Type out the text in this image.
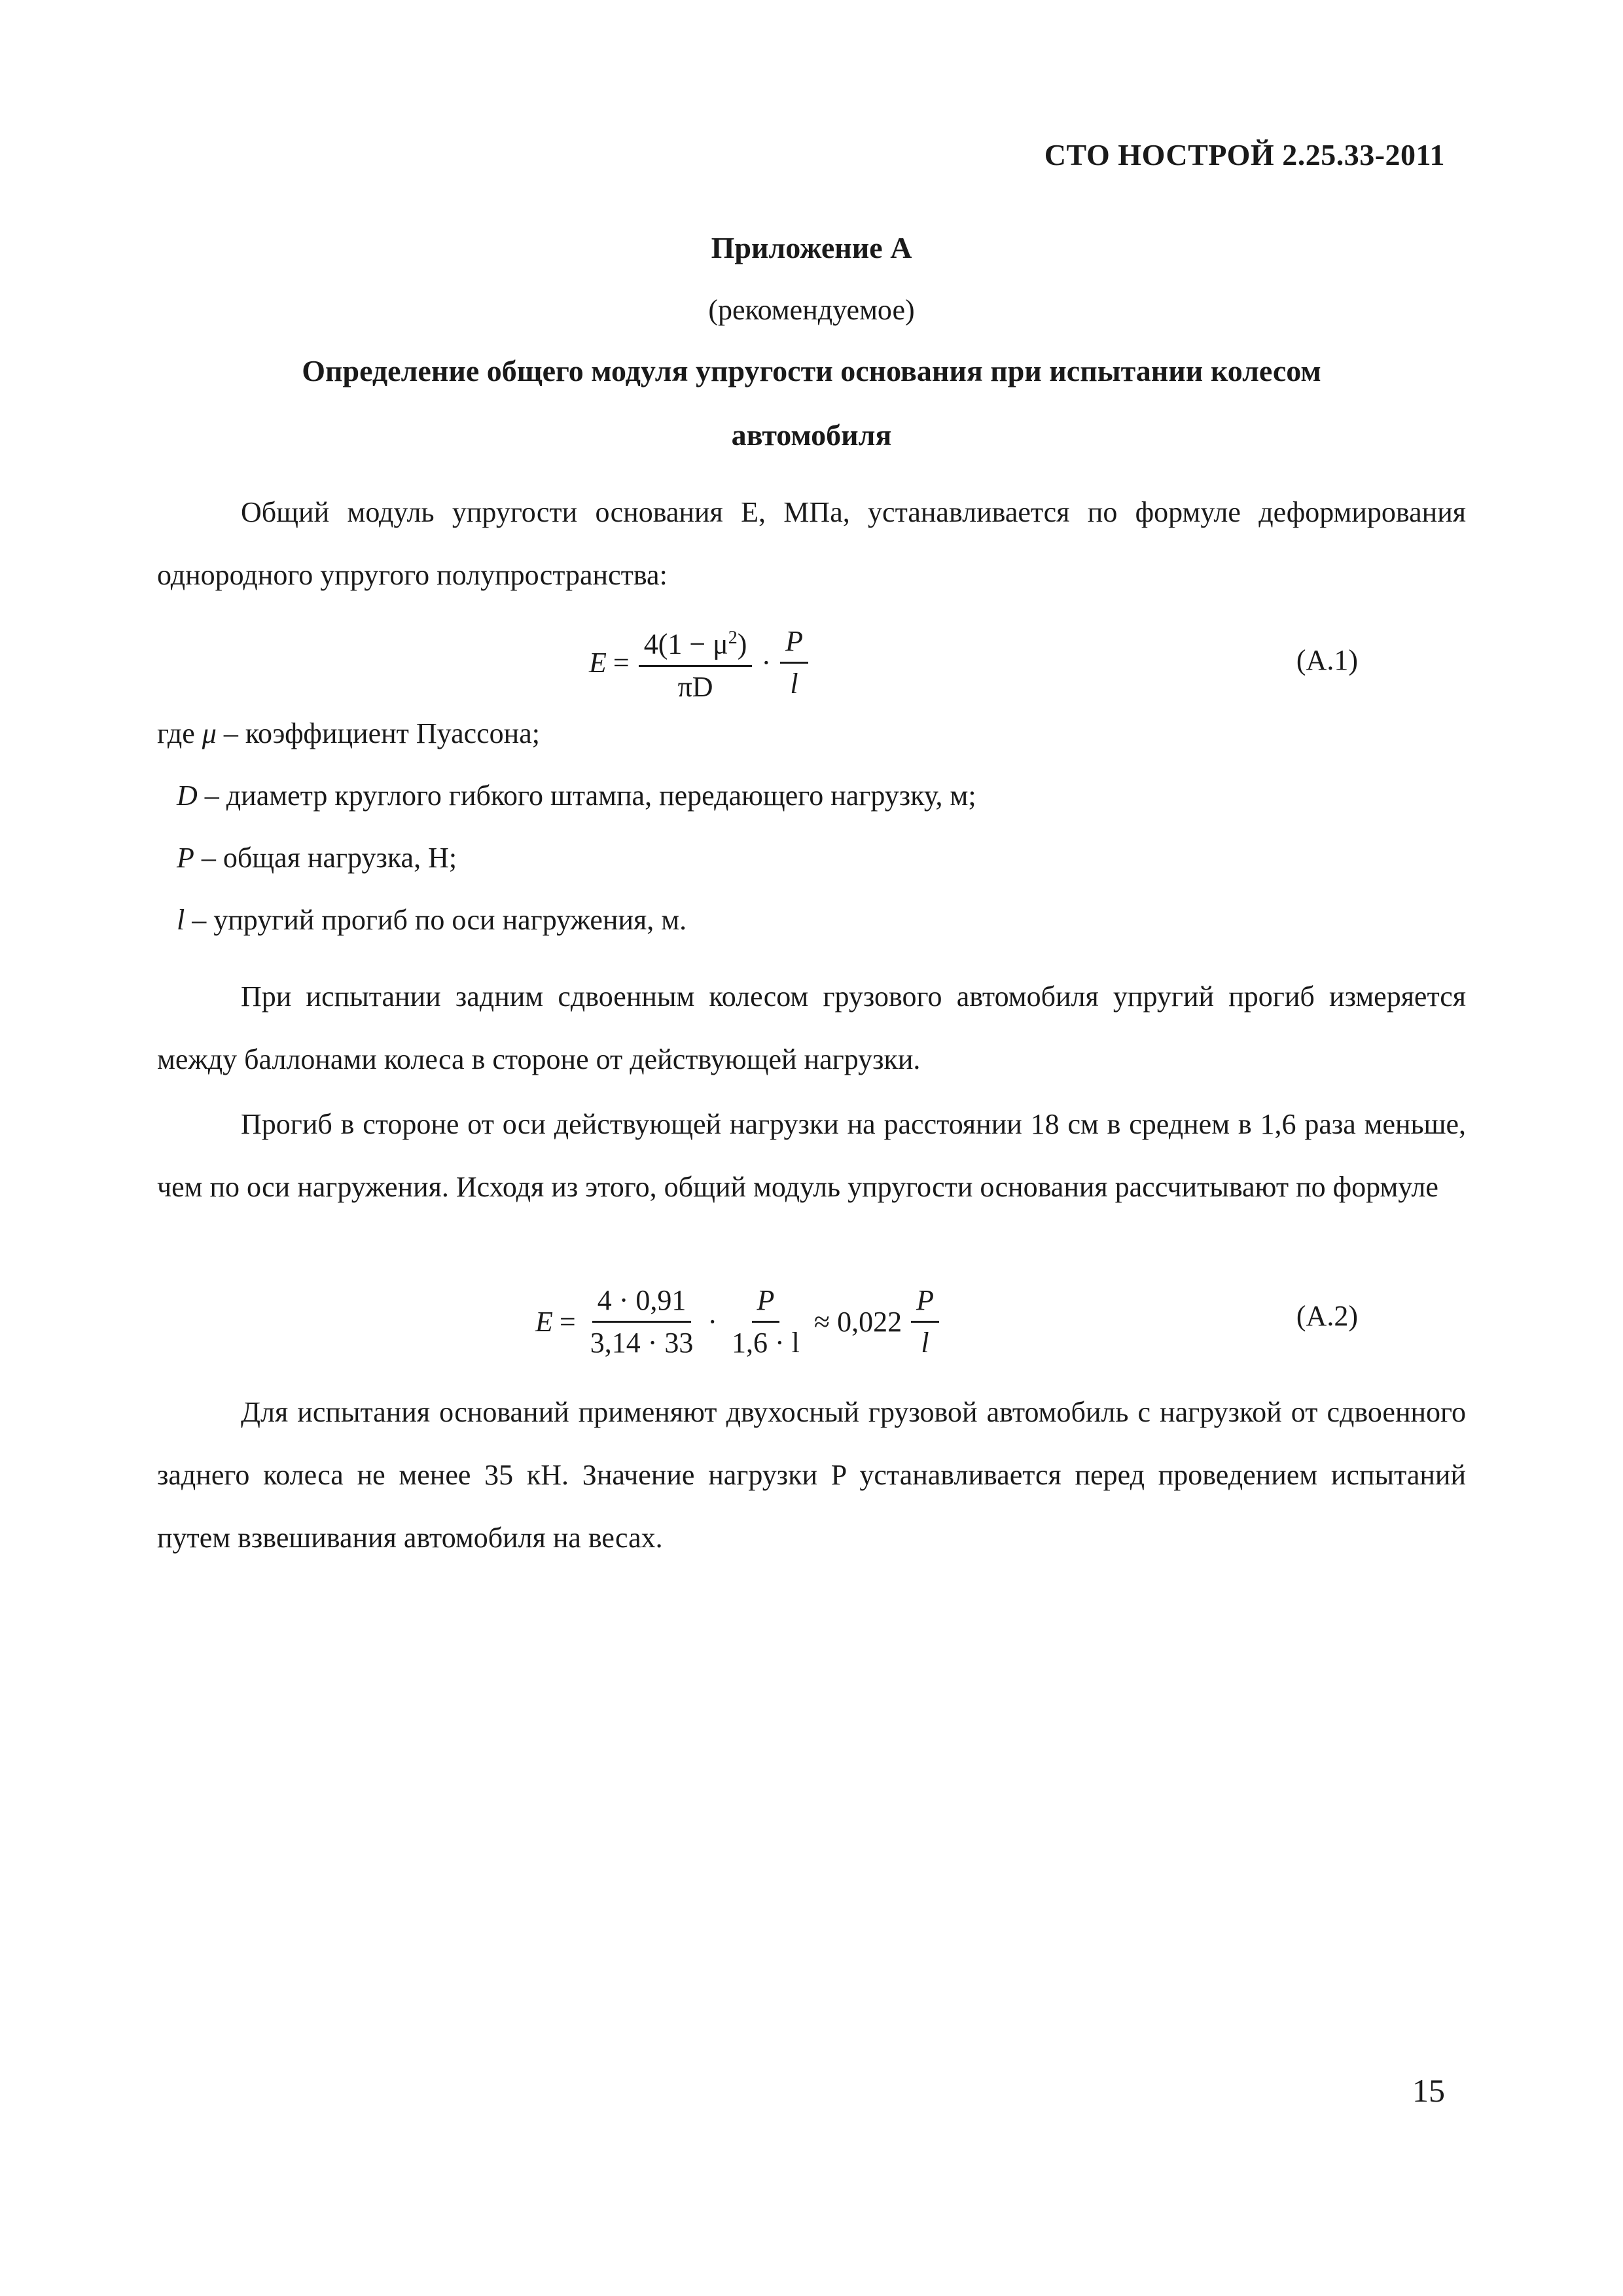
СТО НОСТРОЙ 2.25.33-2011
Приложение А
(рекомендуемое)
Определение общего модуля упругости основания при испытании колесом
автомобиля

Общий модуль упругости основания Е, МПа, устанавливается по формуле деформирования однородного упругого полупространства:

$E = \frac{4(1 - \mu^2)}{\pi D} \cdot \frac{P}{l}$	(А.1)
где μ – коэффициент Пуассона;
D – диаметр круглого гибкого штампа, передающего нагрузку, м;
P – общая нагрузка, Н;
l – упругий прогиб по оси нагружения, м.

При испытании задним сдвоенным колесом грузового автомобиля упругий прогиб измеряется между баллонами колеса в стороне от действующей нагрузки.

Прогиб в стороне от оси действующей нагрузки на расстоянии 18 см в среднем в 1,6 раза меньше, чем по оси нагружения. Исходя из этого, общий модуль упругости основания рассчитывают по формуле

$E = \frac{4 \cdot 0,91}{3,14 \cdot 33} \cdot \frac{P}{1,6 \cdot l} \approx 0,022 \frac{P}{l}$	(А.2)

Для испытания оснований применяют двухосный грузовой автомобиль с нагрузкой от сдвоенного заднего колеса не менее 35 кН. Значение нагрузки P устанавливается перед проведением испытаний путем взвешивания автомобиля на весах.

15
